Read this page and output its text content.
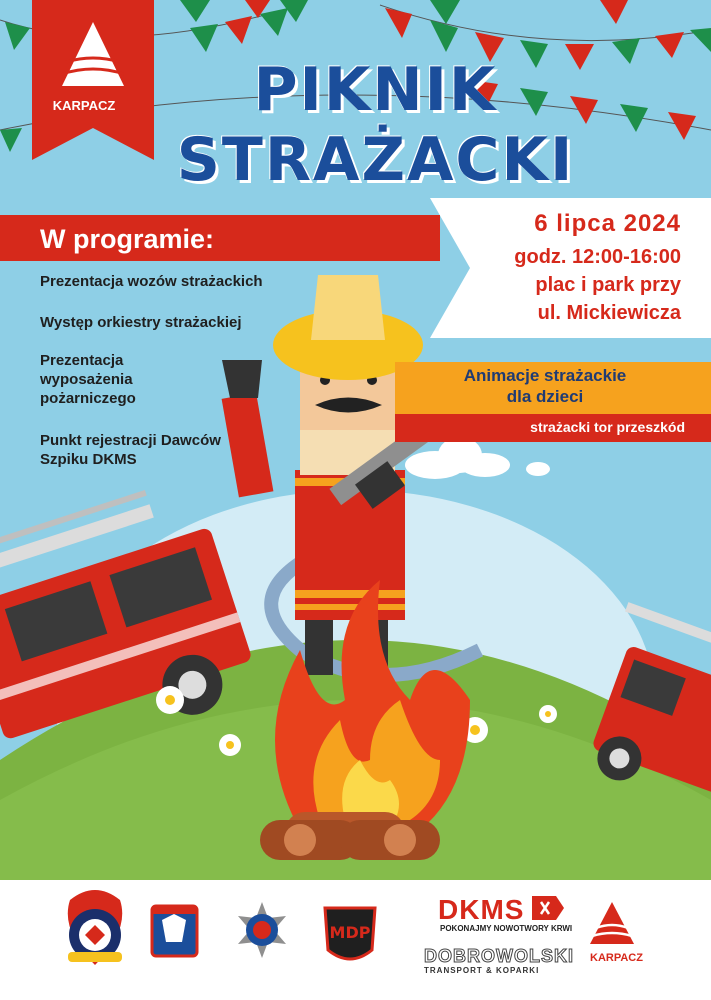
KARPACZ	PIKNIK
STRAŻACKI
W programie:
Prezentacja wozów strażackich
Występ orkiestry strażackiej
Prezentacja wyposażenia pożarniczego
Punkt rejestracji Dawców Szpiku DKMS
6 lipca 2024
godz. 12:00-16:00
plac i park przy
ul. Mickiewicza
Animacje strażackie
dla dzieci
strażacki tor przeszkód
MDP
DKMS
POKONAJMY NOWOTWORY KRWI
DOBROWOLSKI
TRANSPORT & KOPARKI
KARPACZ
